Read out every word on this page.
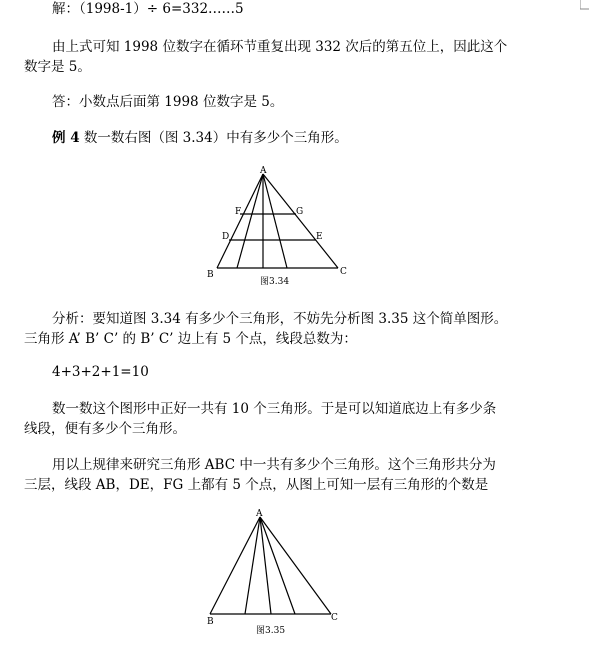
解：（1998-1）÷ 6=332……5
由上式可知 1998 位数字在循环节重复出现 332 次后的第五位上，因此这个
数字是 5。
答：小数点后面第 1998 位数字是 5。
例 4 数一数右图（图 3.34）中有多少个三角形。
A
B	C
D	E
F	G
图3.34
分析：要知道图 3.34 有多少个三角形，不妨先分析图 3.35 这个简单图形。
三角形 A’ B’ C’ 的 B’ C’ 边上有 5 个点，线段总数为：
4+3+2+1=10
数一数这个图形中正好一共有 10 个三角形。于是可以知道底边上有多少条
线段，便有多少个三角形。
用以上规律来研究三角形 ABC 中一共有多少个三角形。这个三角形共分为
三层，线段 AB，DE，FG 上都有 5 个点，从图上可知一层有三角形的个数是
A
B	C
图3.35
